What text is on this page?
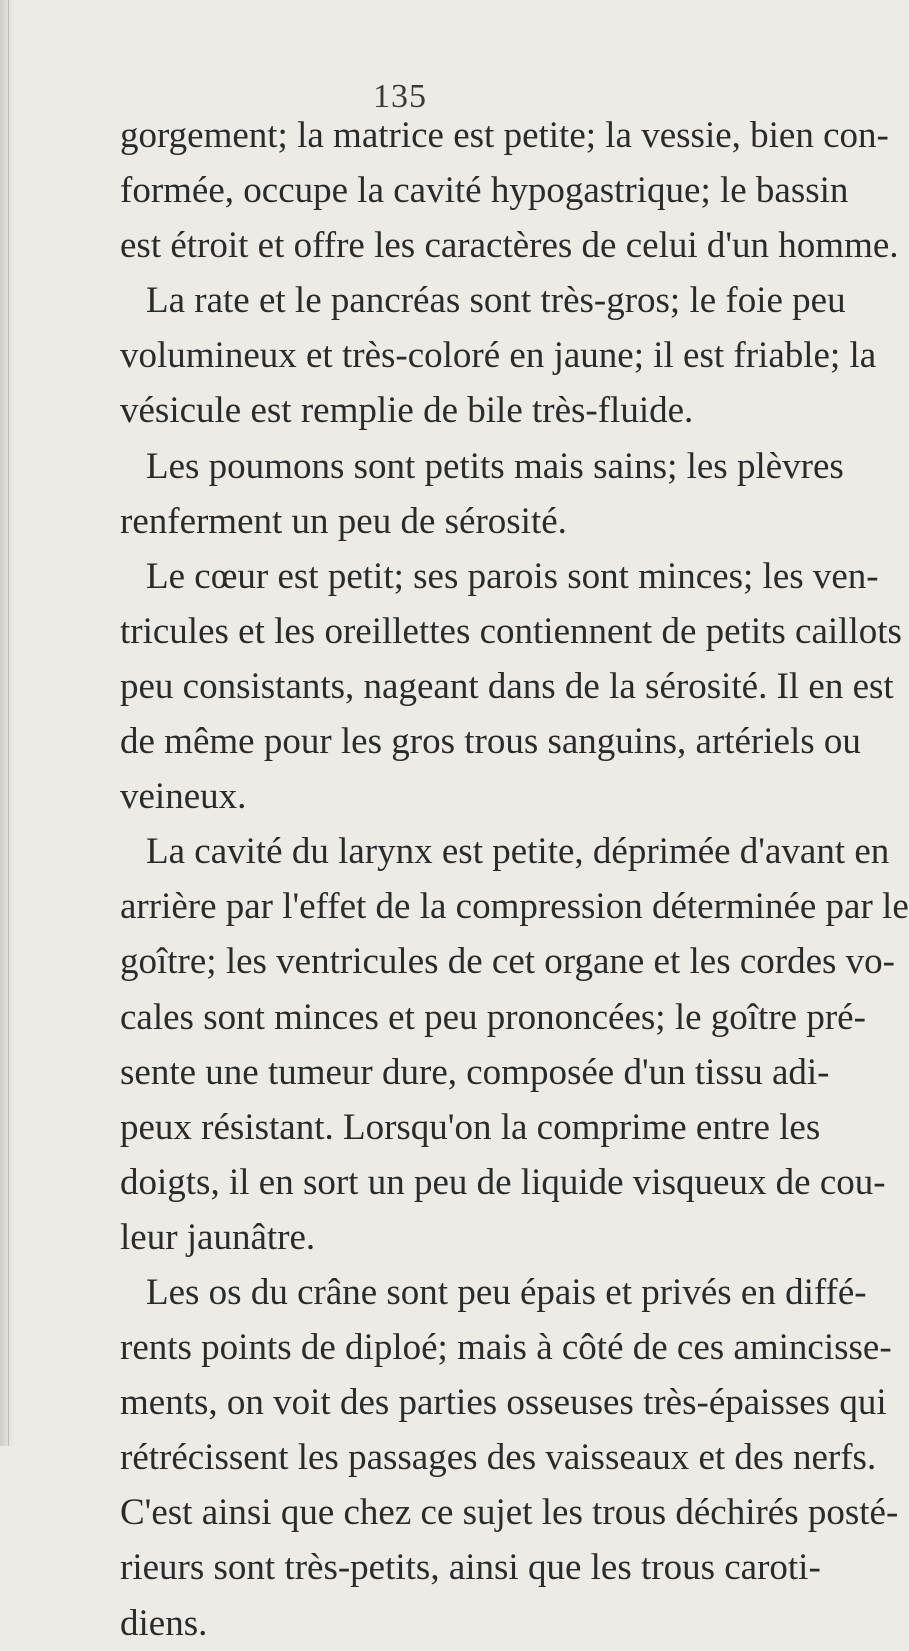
135
gorgement; la matrice est petite; la vessie, bien con-
formée, occupe la cavité hypogastrique; le bassin
est étroit et offre les caractères de celui d'un homme.
La rate et le pancréas sont très-gros; le foie peu
volumineux et très-coloré en jaune; il est friable; la
vésicule est remplie de bile très-fluide.
Les poumons sont petits mais sains; les plèvres
renferment un peu de sérosité.
Le cœur est petit; ses parois sont minces; les ven-
tricules et les oreillettes contiennent de petits caillots
peu consistants, nageant dans de la sérosité. Il en est
de même pour les gros trous sanguins, artériels ou
veineux.
La cavité du larynx est petite, déprimée d'avant en
arrière par l'effet de la compression déterminée par le
goître; les ventricules de cet organe et les cordes vo-
cales sont minces et peu prononcées; le goître pré-
sente une tumeur dure, composée d'un tissu adi-
peux résistant. Lorsqu'on la comprime entre les
doigts, il en sort un peu de liquide visqueux de cou-
leur jaunâtre.
Les os du crâne sont peu épais et privés en diffé-
rents points de diploé; mais à côté de ces amincisse-
ments, on voit des parties osseuses très-épaisses qui
rétrécissent les passages des vaisseaux et des nerfs.
C'est ainsi que chez ce sujet les trous déchirés posté-
rieurs sont très-petits, ainsi que les trous caroti-
diens.
